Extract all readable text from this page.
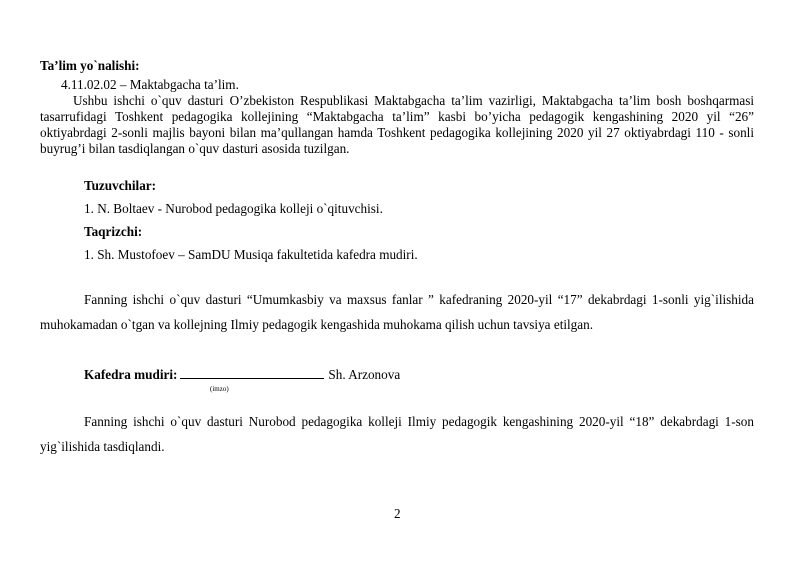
Ta’lim yo`nalishi:
4.11.02.02 – Maktabgacha ta’lim.
Ushbu ishchi o`quv dasturi O’zbekiston Respublikasi Maktabgacha ta’lim vazirligi, Maktabgacha ta’lim bosh boshqarmasi
tasarrufidagi Toshkent pedagogika kollejining “Maktabgacha ta’lim” kasbi bo’yicha pedagogik kengashining 2020 yil “26”
oktiyabrdagi 2-sonli majlis bayoni bilan ma’qullangan hamda Toshkent pedagogika kollejining 2020 yil 27 oktiyabrdagi 110 - sonli
buyrug’i bilan tasdiqlangan o`quv dasturi asosida tuzilgan.
Tuzuvchilar:
1. N. Boltaev - Nurobod pedagogika kolleji o`qituvchisi.
Taqrizchi:
1. Sh. Mustofoev – SamDU Musiqa fakultetida kafedra mudiri.
Fanning ishchi o`quv dasturi “Umumkasbiy va maxsus fanlar ” kafedraning 2020-yil “17” dekabrdagi 1-sonli yig`ilishida
muhokamadan o`tgan va kollejning Ilmiy pedagogik kengashida muhokama qilish uchun tavsiya etilgan.
Kafedra mudiri:	Sh. Arzonova
(imzo)
Fanning ishchi o`quv dasturi Nurobod pedagogika kolleji Ilmiy pedagogik kengashining 2020-yil “18” dekabrdagi 1-son
yig`ilishida tasdiqlandi.
2
